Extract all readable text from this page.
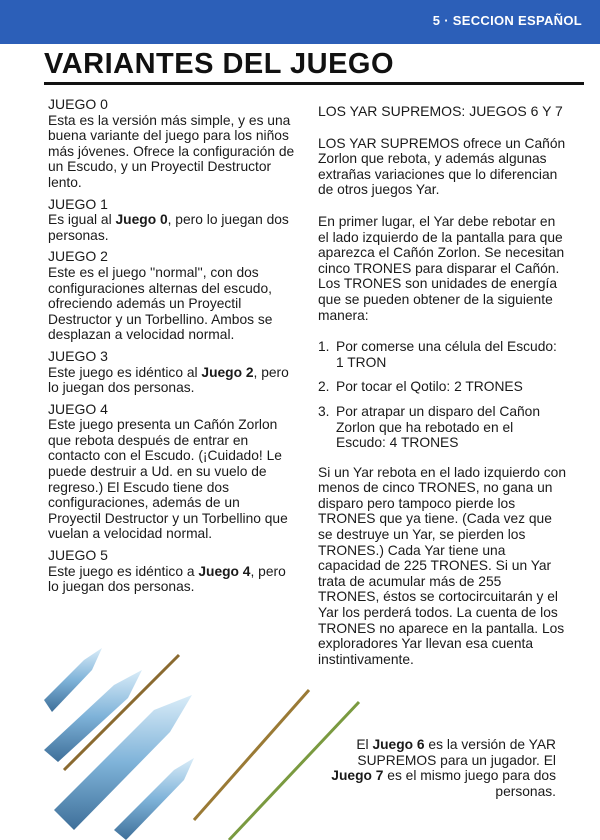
5 · SECCION ESPAÑOL
VARIANTES DEL JUEGO
JUEGO 0

Esta es la versión más simple, y es una buena variante del juego para los niños más jóvenes. Ofrece la configuración de un Escudo, y un Proyectil Destructor lento.

JUEGO 1

Es igual al Juego 0, pero lo juegan dos personas.

JUEGO 2

Este es el juego ''normal'', con dos configuraciones alternas del escudo, ofreciendo además un Proyectil Destructor y un Torbellino. Ambos se desplazan a velocidad normal.

JUEGO 3

Este juego es idéntico al Juego 2, pero lo juegan dos personas.

JUEGO 4

Este juego presenta un Cañón Zorlon que rebota después de entrar en contacto con el Escudo. (¡Cuidado! Le puede destruir a Ud. en su vuelo de regreso.) El Escudo tiene dos configuraciones, además de un Proyectil Destructor y un Torbellino que vuelan a velocidad normal.

JUEGO 5

Este juego es idéntico a Juego 4, pero lo juegan dos personas.

LOS YAR SUPREMOS: JUEGOS 6 Y 7

LOS YAR SUPREMOS ofrece un Cañón Zorlon que rebota, y además algunas extrañas variaciones que lo diferencian de otros juegos Yar.

En primer lugar, el Yar debe rebotar en el lado izquierdo de la pantalla para que aparezca el Cañón Zorlon. Se necesitan cinco TRONES para disparar el Cañón. Los TRONES son unidades de energía que se pueden obtener de la siguiente manera:

1. Por comerse una célula del Escudo: 1 TRON
2. Por tocar el Qotilo: 2 TRONES
3. Por atrapar un disparo del Cañon Zorlon que ha rebotado en el Escudo: 4 TRONES

Si un Yar rebota en el lado izquierdo con menos de cinco TRONES, no gana un disparo pero tampoco pierde los TRONES que ya tiene. (Cada vez que se destruye un Yar, se pierden los TRONES.) Cada Yar tiene una capacidad de 225 TRONES. Si un Yar trata de acumular más de 255 TRONES, éstos se cortocircuitarán y el Yar los perderá todos. La cuenta de los TRONES no aparece en la pantalla. Los exploradores Yar llevan esa cuenta instintivamente.

El Juego 6 es la versión de YAR SUPREMOS para un jugador. El Juego 7 es el mismo juego para dos personas.
